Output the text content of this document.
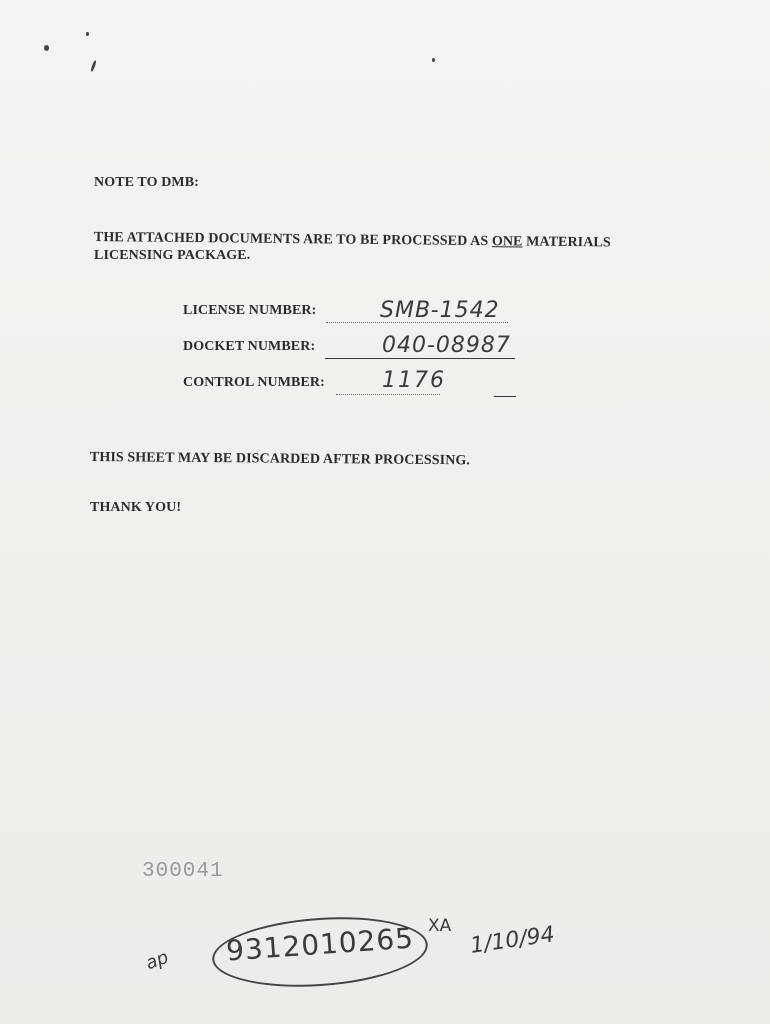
NOTE TO DMB:
THE ATTACHED DOCUMENTS ARE TO BE PROCESSED AS ONE MATERIALS
LICENSING PACKAGE.
LICENSE NUMBER:	SMB-1542
DOCKET NUMBER:	040-08987
CONTROL NUMBER:	1176
THIS SHEET MAY BE DISCARDED AFTER PROCESSING.
THANK YOU!
300041
ap 9312010265 XA 1/10/94
